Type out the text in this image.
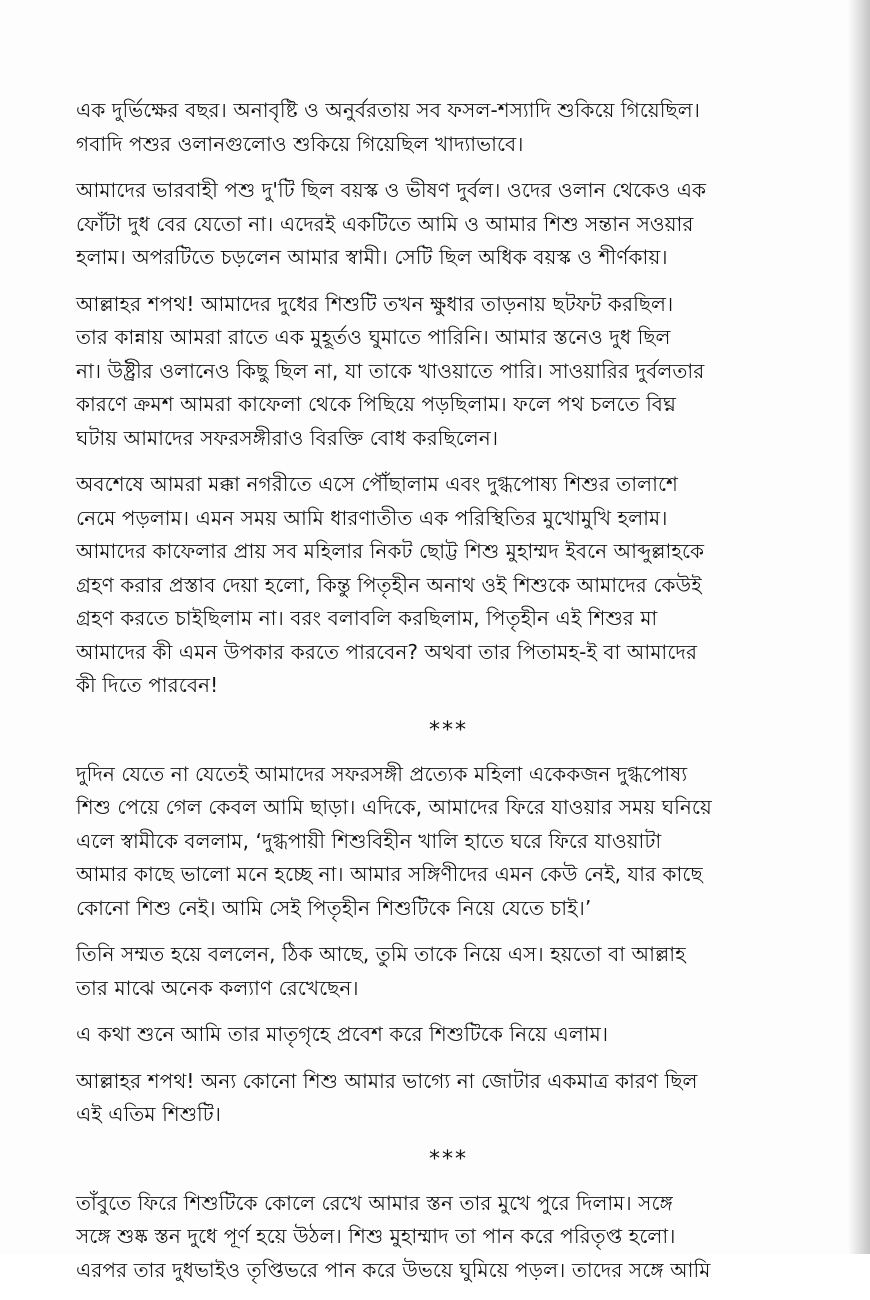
এক দুর্ভিক্ষের বছর। অনাবৃষ্টি ও অনুর্বরতায় সব ফসল-শস্যাদি শুকিয়ে গিয়েছিল।
গবাদি পশুর ওলানগুলোও শুকিয়ে গিয়েছিল খাদ্যাভাবে।

আমাদের ভারবাহী পশু দু'টি ছিল বয়স্ক ও ভীষণ দুর্বল। ওদের ওলান থেকেও এক
ফোঁটা দুধ বের যেতো না। এদেরই একটিতে আমি ও আমার শিশু সন্তান সওয়ার
হলাম। অপরটিতে চড়লেন আমার স্বামী। সেটি ছিল অধিক বয়স্ক ও শীর্ণকায়।

আল্লাহর শপথ! আমাদের দুধের শিশুটি তখন ক্ষুধার তাড়নায় ছটফট করছিল।
তার কান্নায় আমরা রাতে এক মুহূর্তও ঘুমাতে পারিনি। আমার স্তনেও দুধ ছিল
না। উষ্ট্রীর ওলানেও কিছু ছিল না, যা তাকে খাওয়াতে পারি। সাওয়ারির দুর্বলতার
কারণে ক্রমশ আমরা কাফেলা থেকে পিছিয়ে পড়ছিলাম। ফলে পথ চলতে বিঘ্ন
ঘটায় আমাদের সফরসঙ্গীরাও বিরক্তি বোধ করছিলেন।

অবশেষে আমরা মক্কা নগরীতে এসে পৌঁছালাম এবং দুগ্ধপোষ্য শিশুর তালাশে
নেমে পড়লাম। এমন সময় আমি ধারণাতীত এক পরিস্থিতির মুখোমুখি হলাম।
আমাদের কাফেলার প্রায় সব মহিলার নিকট ছোট্ট শিশু মুহাম্মদ ইবনে আব্দুল্লাহকে
গ্রহণ করার প্রস্তাব দেয়া হলো, কিন্তু পিতৃহীন অনাথ ওই শিশুকে আমাদের কেউই
গ্রহণ করতে চাইছিলাম না। বরং বলাবলি করছিলাম, পিতৃহীন এই শিশুর মা
আমাদের কী এমন উপকার করতে পারবেন? অথবা তার পিতামহ-ই বা আমাদের
কী দিতে পারবেন!

***

দুদিন যেতে না যেতেই আমাদের সফরসঙ্গী প্রত্যেক মহিলা একেকজন দুগ্ধপোষ্য
শিশু পেয়ে গেল কেবল আমি ছাড়া। এদিকে, আমাদের ফিরে যাওয়ার সময় ঘনিয়ে
এলে স্বামীকে বললাম, ‘দুগ্ধপায়ী শিশুবিহীন খালি হাতে ঘরে ফিরে যাওয়াটা
আমার কাছে ভালো মনে হচ্ছে না। আমার সঙ্গিণীদের এমন কেউ নেই, যার কাছে
কোনো শিশু নেই। আমি সেই পিতৃহীন শিশুটিকে নিয়ে যেতে চাই।’

তিনি সম্মত হয়ে বললেন, ঠিক আছে, তুমি তাকে নিয়ে এস। হয়তো বা আল্লাহ
তার মাঝে অনেক কল্যাণ রেখেছেন।

এ কথা শুনে আমি তার মাতৃগৃহে প্রবেশ করে শিশুটিকে নিয়ে এলাম।

আল্লাহর শপথ! অন্য কোনো শিশু আমার ভাগ্যে না জোটার একমাত্র কারণ ছিল
এই এতিম শিশুটি।

***

তাঁবুতে ফিরে শিশুটিকে কোলে রেখে আমার স্তন তার মুখে পুরে দিলাম। সঙ্গে
সঙ্গে শুষ্ক স্তন দুধে পূর্ণ হয়ে উঠল। শিশু মুহাম্মাদ তা পান করে পরিতৃপ্ত হলো।
এরপর তার দুধভাইও তৃপ্তিভরে পান করে উভয়ে ঘুমিয়ে পড়ল। তাদের সঙ্গে আমি
